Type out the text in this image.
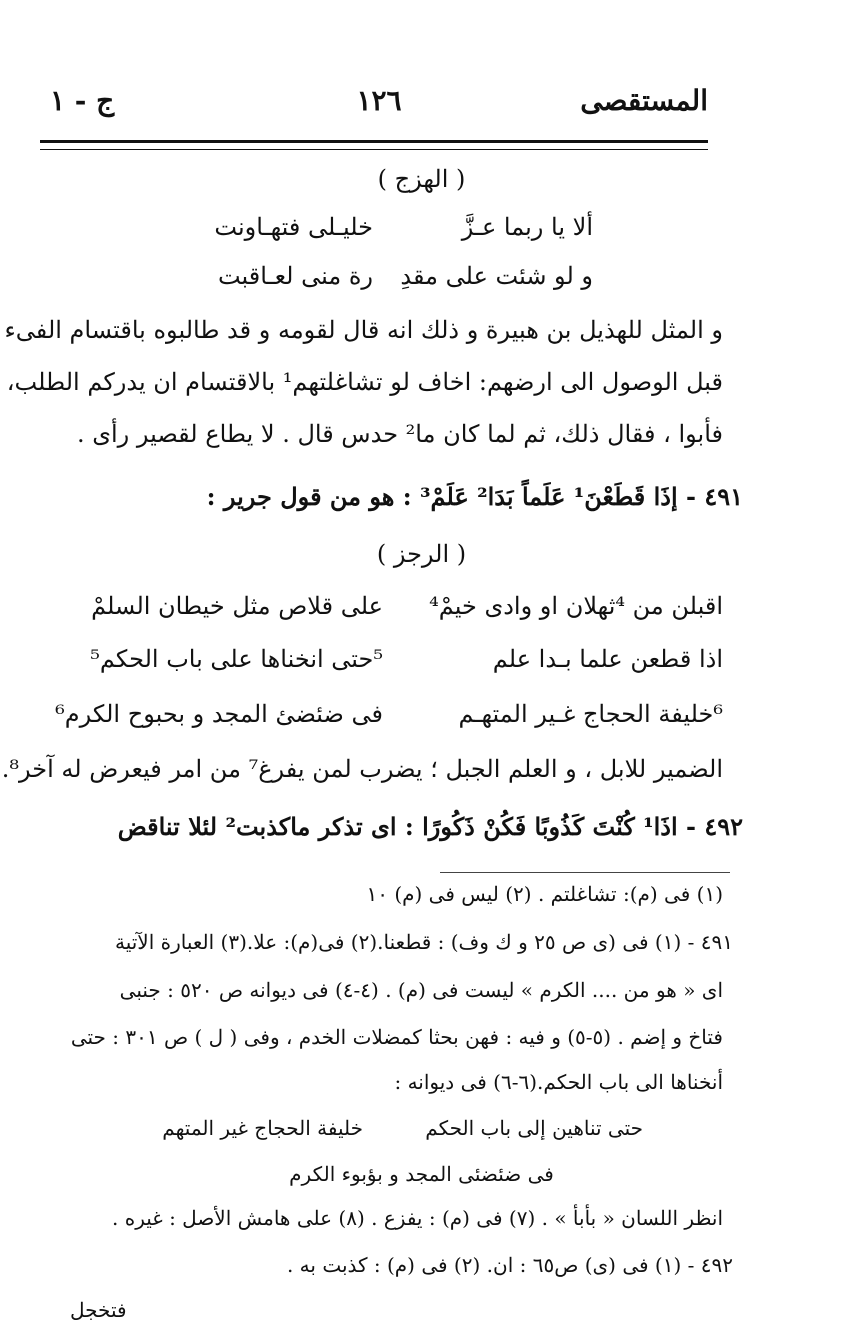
المستقصى
١٢٦
ج - ١
( الهزج )
ألا يا ربما عـزَّ
خليـلى فتهـاونت
و لو شئت على مقدِ
رة منى لعـاقبت
و المثل للهذيل بن هبيرة و ذلك انه قال لقومه و قد طالبوه باقتسام الفىء
قبل الوصول الى ارضهم: اخاف لو تشاغلتهم¹ بالاقتسام ان يدركم الطلب،
فأبوا ، فقال ذلك، ثم لما كان ما² حدس قال . لا يطاع لقصير رأى .
٤٩١ - إذَا قَطَعْنَ¹ عَلَماً بَدَا² عَلَمْ³ : هو من قول جرير :
( الرجز )
اقبلن من ⁴ثهلان او وادى خيمْ⁴
على قلاص مثل خيطان السلمْ
اذا قطعن علما بـدا علم
⁵حتى انخناها على باب الحكم⁵
⁶خليفة الحجاج غـير المتهـم
فى ضئضئ المجد و بحبوح الكرم⁶
الضمير للابل ، و العلم الجبل ؛ يضرب لمن يفرغ⁷ من امر فيعرض له آخر⁸.
٤٩٢ - اذَا¹ كُنْتَ كَذُوبًا فَكُنْ ذَكُورًا : اى تذكر ماكذبت² لئلا تناقض
(١) فى (م): تشاغلتم . (٢) ليس فى (م) ١٠
٤٩١ - (١) فى (ى ص ٢٥ و ك وف) : قطعنا.(٢) فى(م): علا.(٣) العبارة الآتية
اى « هو من .... الكرم » ليست فى (م) . (٤-٤) فى ديوانه ص ٥٢٠ : جنبى
فتاخ و إضم . (٥-٥) و فيه : فهن بحثا كمضلات الخدم ، وفى ( ل ) ص ٣٠١ : حتى
أنخناها الى باب الحكم.(٦-٦) فى ديوانه :
حتى تناهين إلى باب الحكم
خليفة الحجاج غير المتهم
فى ضئضئى المجد و بؤبوء الكرم
انظر اللسان « بأبأ » . (٧) فى (م) : يفزع . (٨) على هامش الأصل : غيره .
٤٩٢ - (١) فى (ى) ص٦٥ : ان. (٢) فى (م) : كذبت به .
فتخجل
